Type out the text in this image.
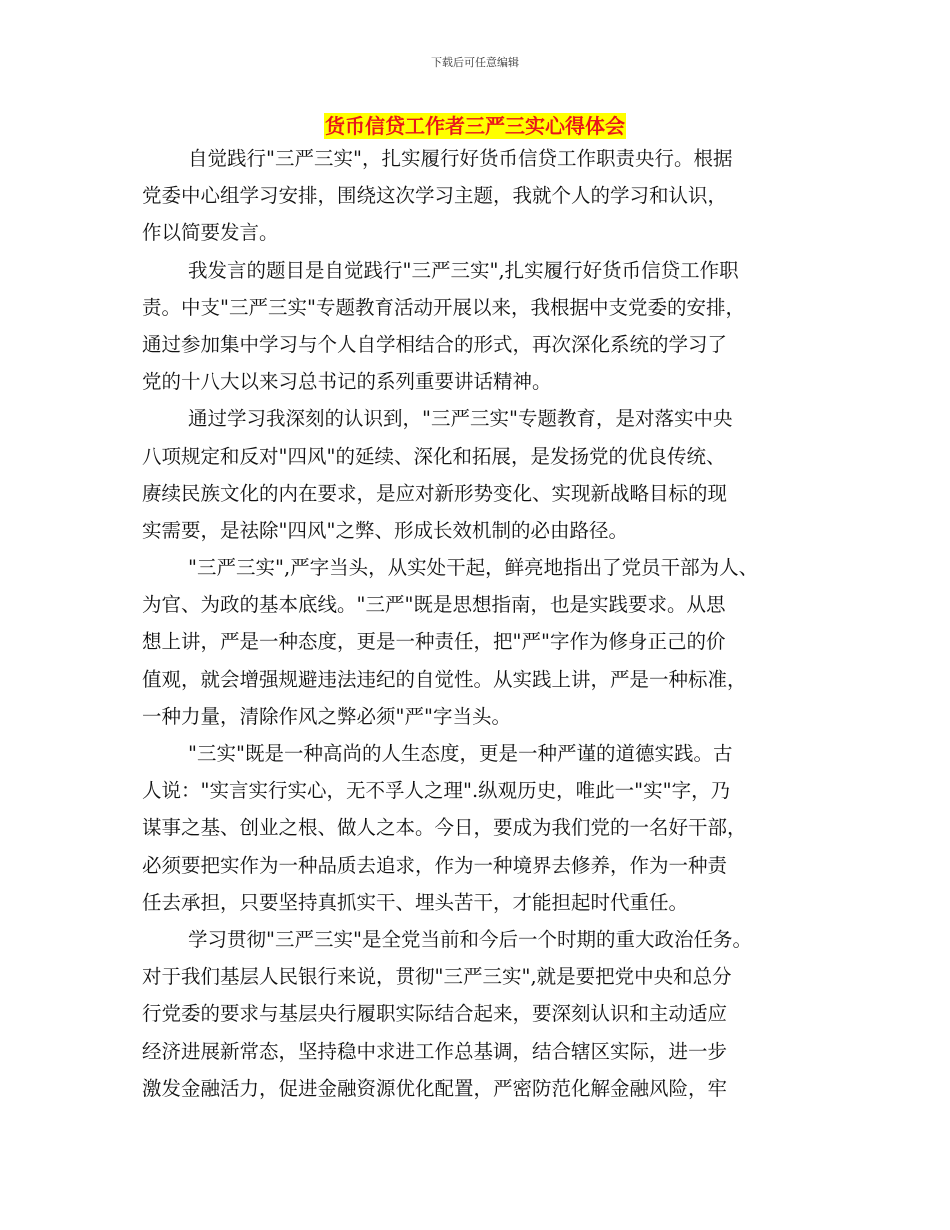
下载后可任意编辑
货币信贷工作者三严三实心得体会
自觉践行"三严三实"，扎实履行好货币信贷工作职责央行。根据
党委中心组学习安排，围绕这次学习主题，我就个人的学习和认识，
作以简要发言。
我发言的题目是自觉践行"三严三实",扎实履行好货币信贷工作职
责。中支"三严三实"专题教育活动开展以来，我根据中支党委的安排，
通过参加集中学习与个人自学相结合的形式，再次深化系统的学习了
党的十八大以来习总书记的系列重要讲话精神。
通过学习我深刻的认识到，"三严三实"专题教育，是对落实中央
八项规定和反对"四风"的延续、深化和拓展，是发扬党的优良传统、
赓续民族文化的内在要求，是应对新形势变化、实现新战略目标的现
实需要，是祛除"四风"之弊、形成长效机制的必由路径。
"三严三实",严字当头，从实处干起，鲜亮地指出了党员干部为人、
为官、为政的基本底线。"三严"既是思想指南，也是实践要求。从思
想上讲，严是一种态度，更是一种责任，把"严"字作为修身正己的价
值观，就会增强规避违法违纪的自觉性。从实践上讲，严是一种标准，
一种力量，清除作风之弊必须"严"字当头。
"三实"既是一种高尚的人生态度，更是一种严谨的道德实践。古
人说："实言实行实心，无不孚人之理".纵观历史，唯此一"实"字，乃
谋事之基、创业之根、做人之本。今日，要成为我们党的一名好干部，
必须要把实作为一种品质去追求，作为一种境界去修养，作为一种责
任去承担，只要坚持真抓实干、埋头苦干，才能担起时代重任。
学习贯彻"三严三实"是全党当前和今后一个时期的重大政治任务。
对于我们基层人民银行来说，贯彻"三严三实",就是要把党中央和总分
行党委的要求与基层央行履职实际结合起来，要深刻认识和主动适应
经济进展新常态，坚持稳中求进工作总基调，结合辖区实际，进一步
激发金融活力，促进金融资源优化配置，严密防范化解金融风险，牢
